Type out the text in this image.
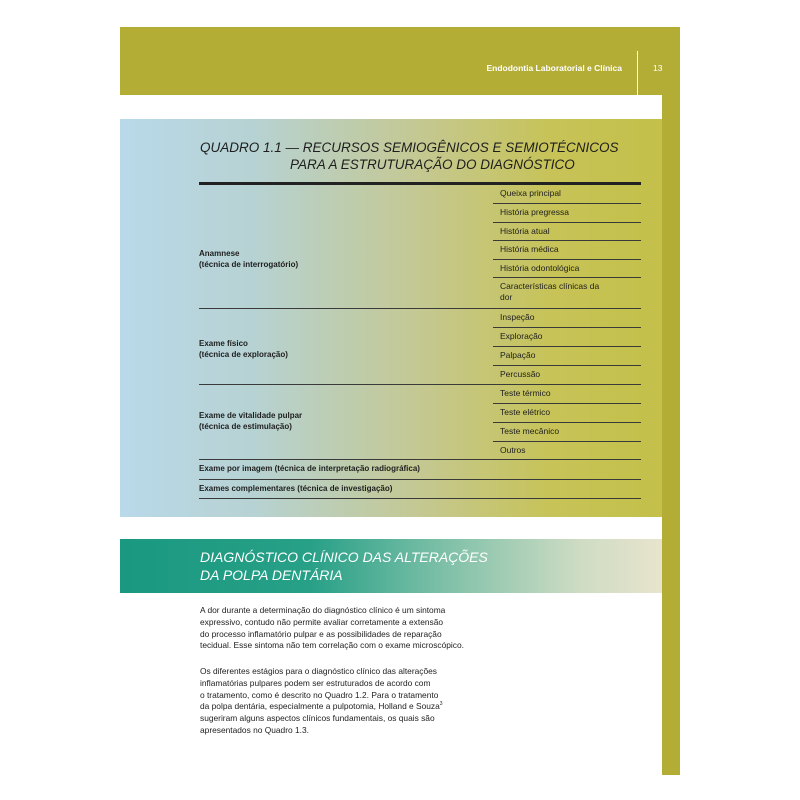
Endodontia Laboratorial e Clínica	13
QUADRO 1.1 — RECURSOS SEMIOGÊNICOS E SEMIOTÉCNICOS
PARA A ESTRUTURAÇÃO DO DIAGNÓSTICO
Anamnese
(técnica de interrogatório)
Queixa principal
História pregressa
História atual
História médica
História odontológica
Características clínicas da
dor
Exame físico
(técnica de exploração)
Inspeção
Exploração
Palpação
Percussão
Exame de vitalidade pulpar
(técnica de estimulação)
Teste térmico
Teste elétrico
Teste mecânico
Outros
Exame por imagem (técnica de interpretação radiográfica)
Exames complementares (técnica de investigação)
DIAGNÓSTICO CLÍNICO DAS ALTERAÇÕES
DA POLPA DENTÁRIA
A dor durante a determinação do diagnóstico clínico é um sintoma
expressivo, contudo não permite avaliar corretamente a extensão
do processo inflamatório pulpar e as possibilidades de reparação
tecidual. Esse sintoma não tem correlação com o exame microscópico.
Os diferentes estágios para o diagnóstico clínico das alterações
inflamatórias pulpares podem ser estruturados de acordo com
o tratamento, como é descrito no Quadro 1.2. Para o tratamento
da polpa dentária, especialmente a pulpotomia, Holland e Souza$^3$
sugeriram alguns aspectos clínicos fundamentais, os quais são
apresentados no Quadro 1.3.
